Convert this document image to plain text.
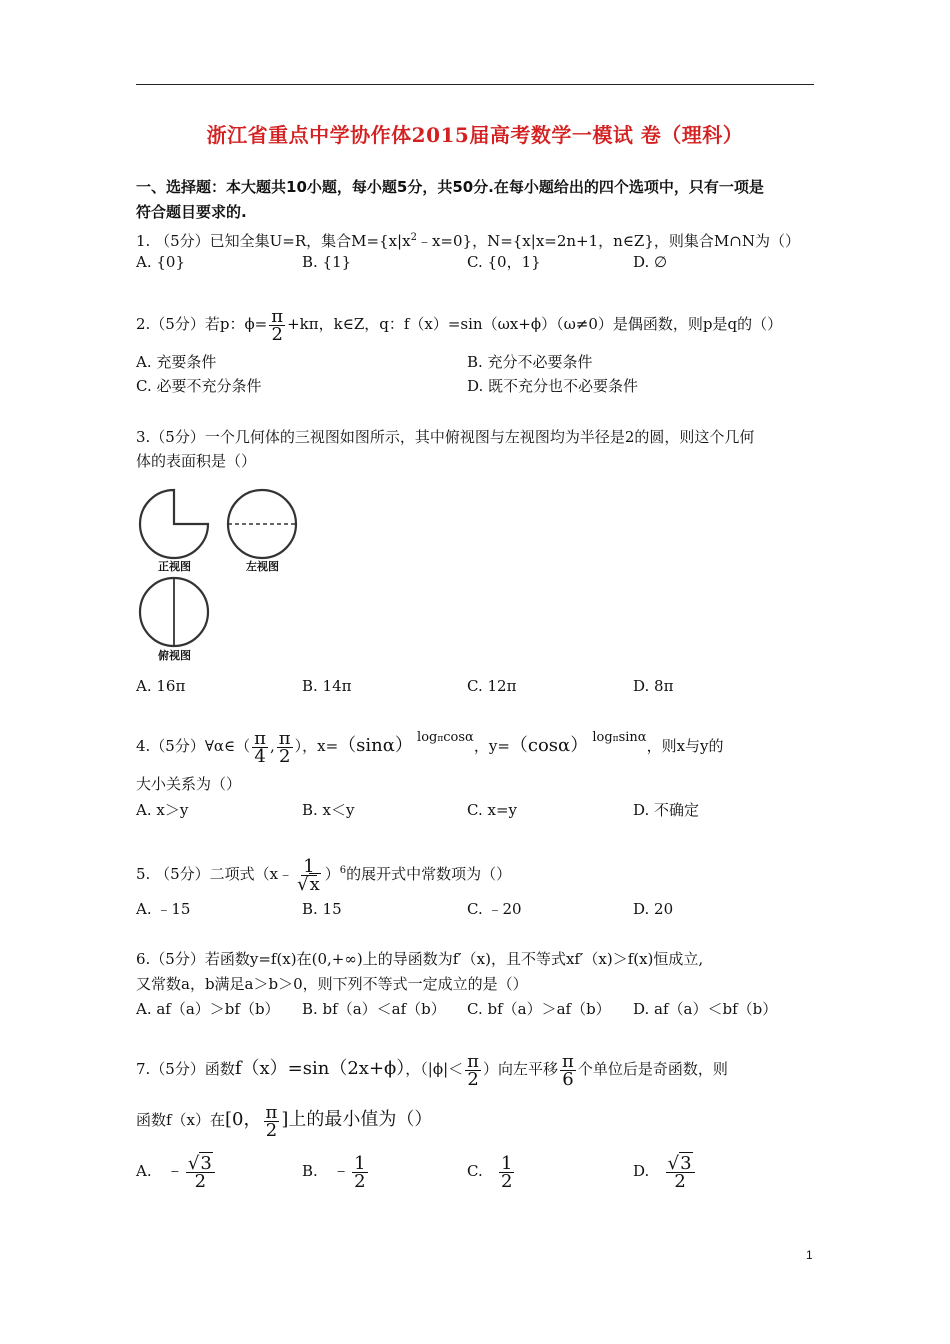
浙江省重点中学协作体2015届高考数学一模试 卷（理科）
一、选择题：本大题共10小题，每小题5分，共50分.在每小题给出的四个选项中，只有一项是
符合题目要求的.
1. （5分）已知全集U=R，集合$M=\{x|x^2﹣x=0\}$，N={x|x=2n+1，n∈Z}，则集合M∩N为（）
A. {0}	B. {1}	C. {0，1}	D. ∅
2.（5分）若p：$\phi= \frac{\pi}{2} +k\pi$，k∈Z，q：f（x）=sin（ωx+ϕ）（ω≠0）是偶函数，则p是q的（）
A. 充要条件	B. 充分不必要条件
C. 必要不充分条件	D. 既不充分也不必要条件
3.（5分）一个几何体的三视图如图所示，其中俯视图与左视图均为半径是2的圆，则这个几何
体的表面积是（）
正视图	左视图
俯视图
A. 16π	B. 14π	C. 12π	D. 8π
4.（5分）∀α∈（ $\frac{\pi}{4}$ , $\frac{\pi}{2}$ ），x=（sinα） logπcosα，y=（cosα） logπsinα，则x与y的
大小关系为（）
A. x＞y	B. x＜y	C. x=y	D. 不确定
5. （5分）二项式（x﹣ $\frac{1}{√x} )^6$的展开式中常数项为（）
A. ﹣15	B. 15	C. ﹣20	D. 20
6.（5分）若函数y=f(x)在(0,+∞)上的导函数为f′（x)，且不等式xf′（x)＞f(x)恒成立,
又常数a，b满足a＞b＞0，则下列不等式一定成立的是（）
A. af（a）＞bf（b） B. bf（a）＜af（b） C. bf（a）＞af（b） D. af（a）＜bf（b）
7.（5分）函数f（x）=sin（2x+ϕ），（$|\phi|< \frac{\pi}{2}$ ）向左平移 $\frac{\pi}{6}$ 个单位后是奇函数，则
函数f（x）在[0， $\frac{\pi}{2}$ ]上的最小值为（）
A. ﹣ $\frac{√3}{2}$	B. ﹣ $\frac{1}{2}$	C. $\frac{1}{2}$	D. $\frac{√3}{2}$
1
